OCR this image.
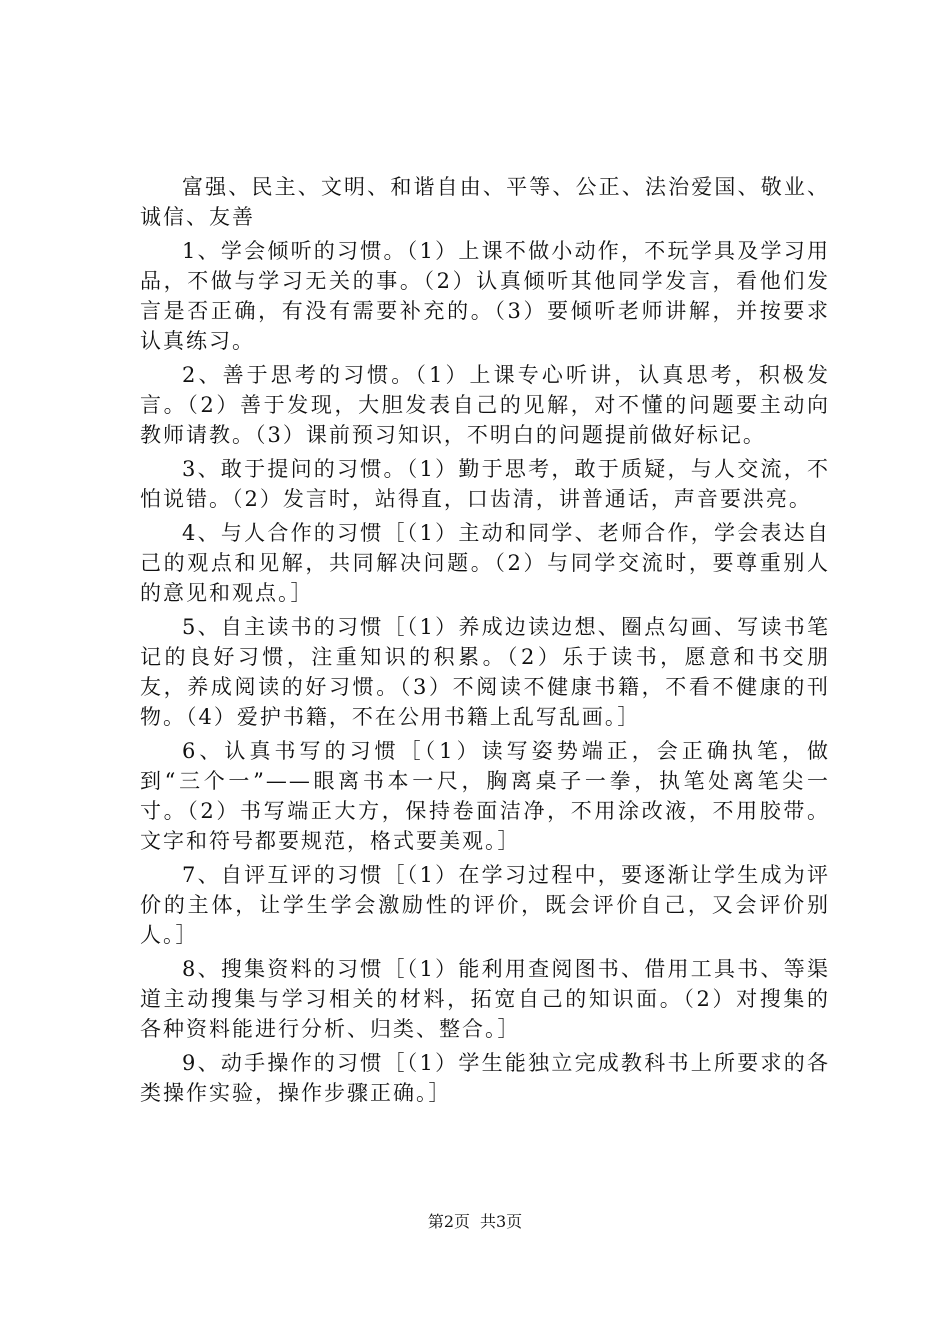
富强、民主、文明、和谐自由、平等、公正、法治爱国、敬业、诚信、友善

1、学会倾听的习惯。（1）上课不做小动作，不玩学具及学习用品，不做与学习无关的事。（2）认真倾听其他同学发言，看他们发言是否正确，有没有需要补充的。（3）要倾听老师讲解，并按要求认真练习。

2、善于思考的习惯。（1）上课专心听讲，认真思考，积极发言。（2）善于发现，大胆发表自己的见解，对不懂的问题要主动向教师请教。（3）课前预习知识，不明白的问题提前做好标记。

3、敢于提问的习惯。（1）勤于思考，敢于质疑，与人交流，不怕说错。（2）发言时，站得直，口齿清，讲普通话，声音要洪亮。

4、与人合作的习惯［（1）主动和同学、老师合作，学会表达自己的观点和见解，共同解决问题。（2）与同学交流时，要尊重别人的意见和观点。］

5、自主读书的习惯［（1）养成边读边想、圈点勾画、写读书笔记的良好习惯，注重知识的积累。（2）乐于读书，愿意和书交朋友，养成阅读的好习惯。（3）不阅读不健康书籍，不看不健康的刊物。（4）爱护书籍，不在公用书籍上乱写乱画。］

6、认真书写的习惯［（1）读写姿势端正，会正确执笔，做到“三个一”——眼离书本一尺，胸离桌子一拳，执笔处离笔尖一寸。（2）书写端正大方，保持卷面洁净，不用涂改液，不用胶带。文字和符号都要规范，格式要美观。］

7、自评互评的习惯［（1）在学习过程中，要逐渐让学生成为评价的主体，让学生学会激励性的评价，既会评价自己，又会评价别人。］

8、搜集资料的习惯［（1）能利用查阅图书、借用工具书、等渠道主动搜集与学习相关的材料，拓宽自己的知识面。（2）对搜集的各种资料能进行分析、归类、整合。］

9、动手操作的习惯［（1）学生能独立完成教科书上所要求的各类操作实验，操作步骤正确。］

第2页 共3页
